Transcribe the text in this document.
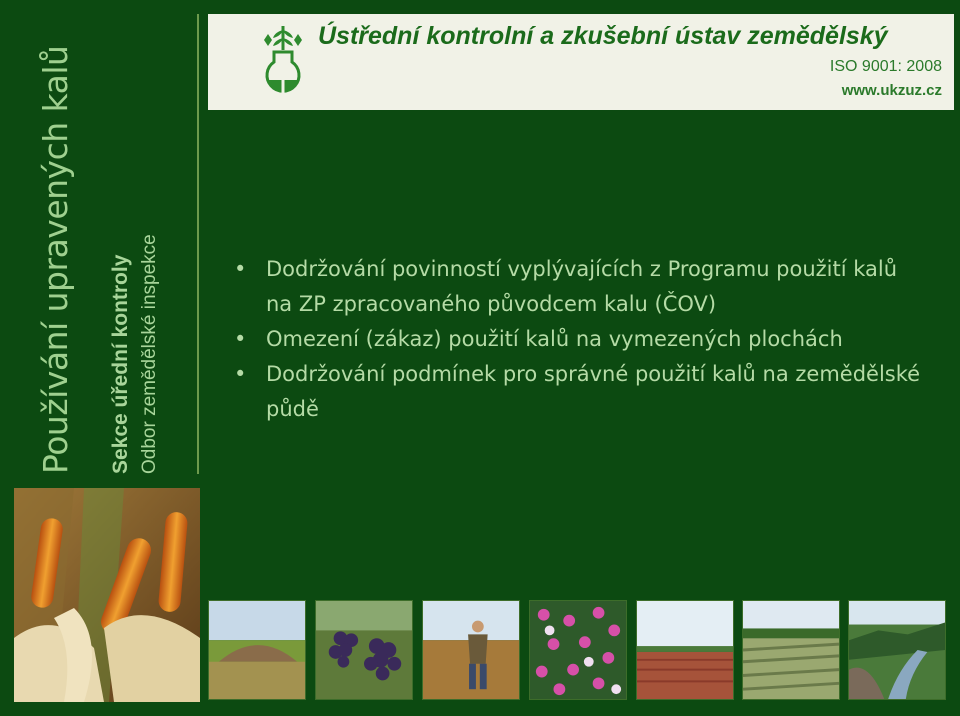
Používání upravených kalů Sekce úřední kontroly Odbor zemědělské inspekce
Ústřední kontrolní a zkušební ústav zemědělský
ISO 9001: 2008
www.ukzuz.cz
• Dodržování povinností vyplývajících z Programu použití kalů na ZP zpracovaného původcem kalu (ČOV)
• Omezení (zákaz) použití kalů na vymezených plochách
• Dodržování podmínek pro správné použití kalů na zemědělské půdě
